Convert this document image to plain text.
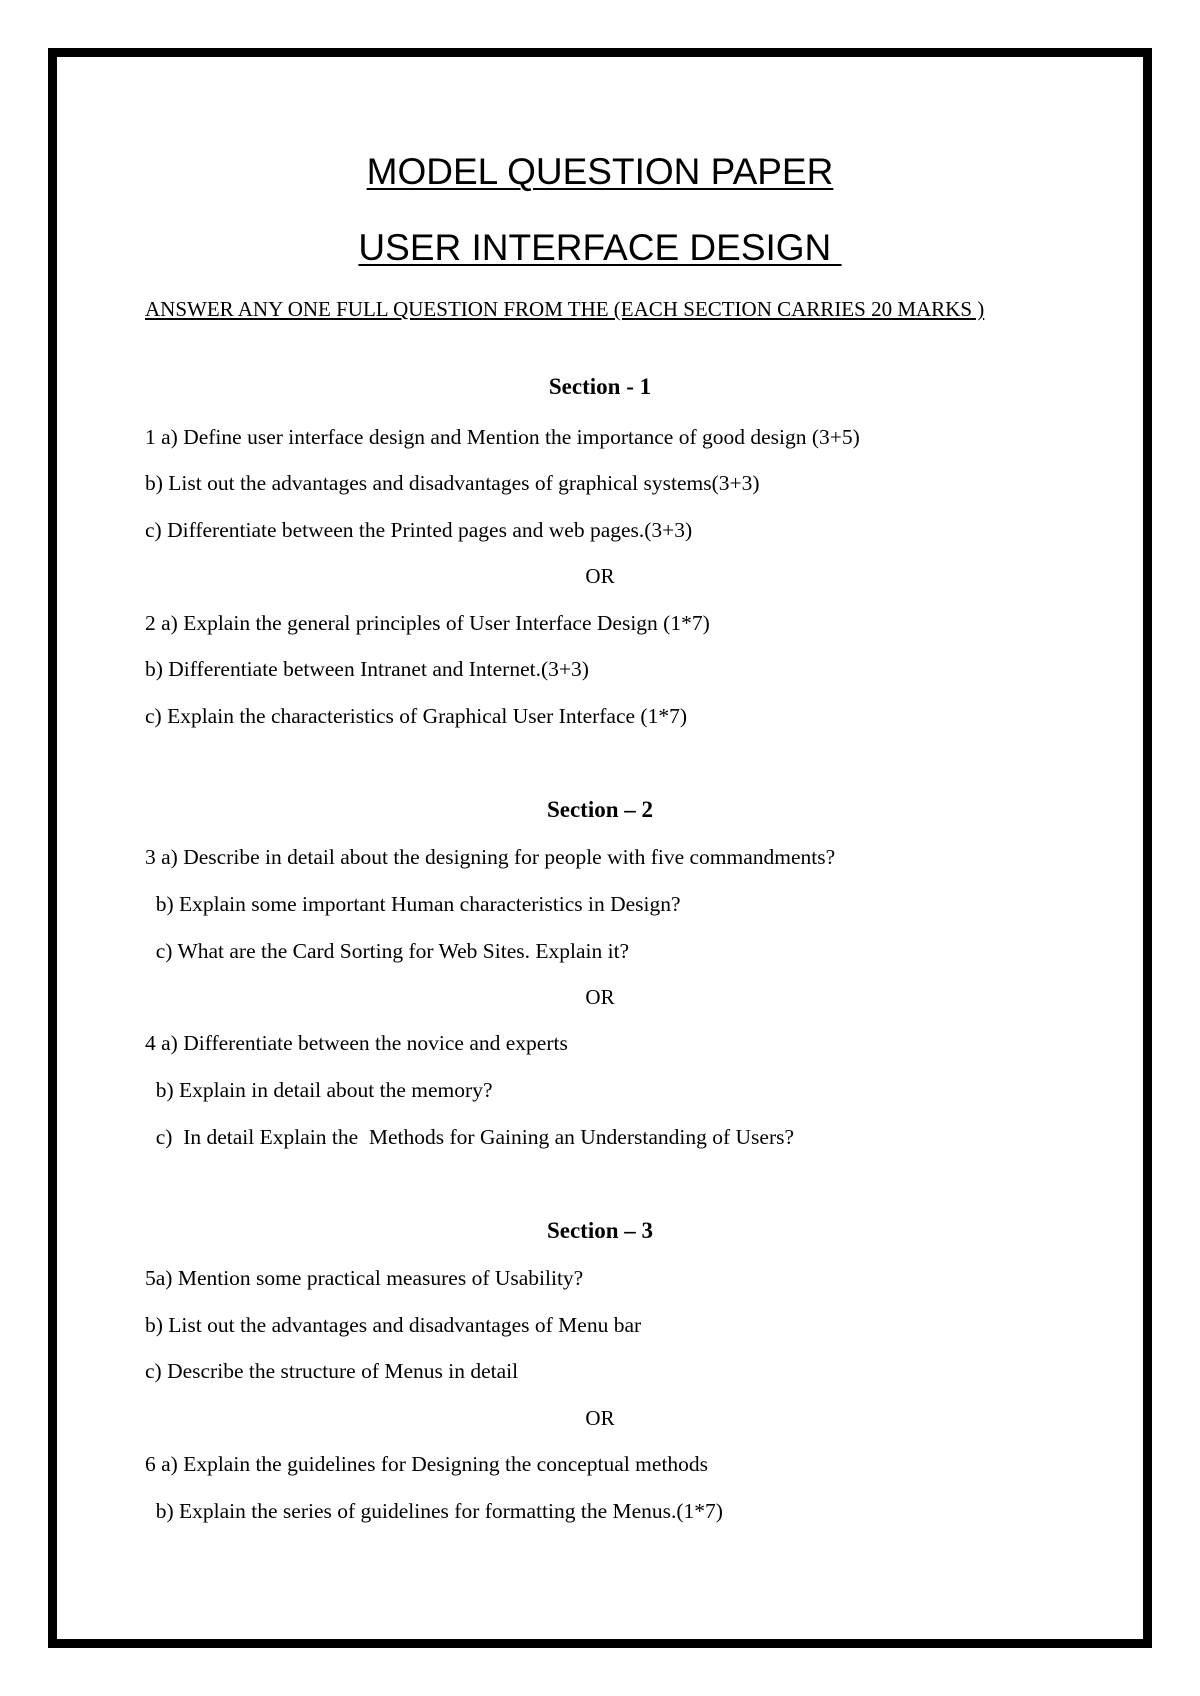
MODEL QUESTION PAPER
USER INTERFACE DESIGN
ANSWER ANY ONE FULL QUESTION FROM THE (EACH SECTION CARRIES 20 MARKS )
Section - 1
1 a) Define user interface design and Mention the importance of good design (3+5)
b) List out the advantages and disadvantages of graphical systems(3+3)
c) Differentiate between the Printed pages and web pages.(3+3)
OR
2 a) Explain the general principles of User Interface Design (1*7)
b) Differentiate between Intranet and Internet.(3+3)
c) Explain the characteristics of Graphical User Interface (1*7)
Section – 2
3 a) Describe in detail about the designing for people with five commandments?
b) Explain some important Human characteristics in Design?
c) What are the Card Sorting for Web Sites. Explain it?
OR
4 a) Differentiate between the novice and experts
b) Explain in detail about the memory?
c)  In detail Explain the  Methods for Gaining an Understanding of Users?
Section – 3
5a) Mention some practical measures of Usability?
b) List out the advantages and disadvantages of Menu bar
c) Describe the structure of Menus in detail
OR
6 a) Explain the guidelines for Designing the conceptual methods
b) Explain the series of guidelines for formatting the Menus.(1*7)
